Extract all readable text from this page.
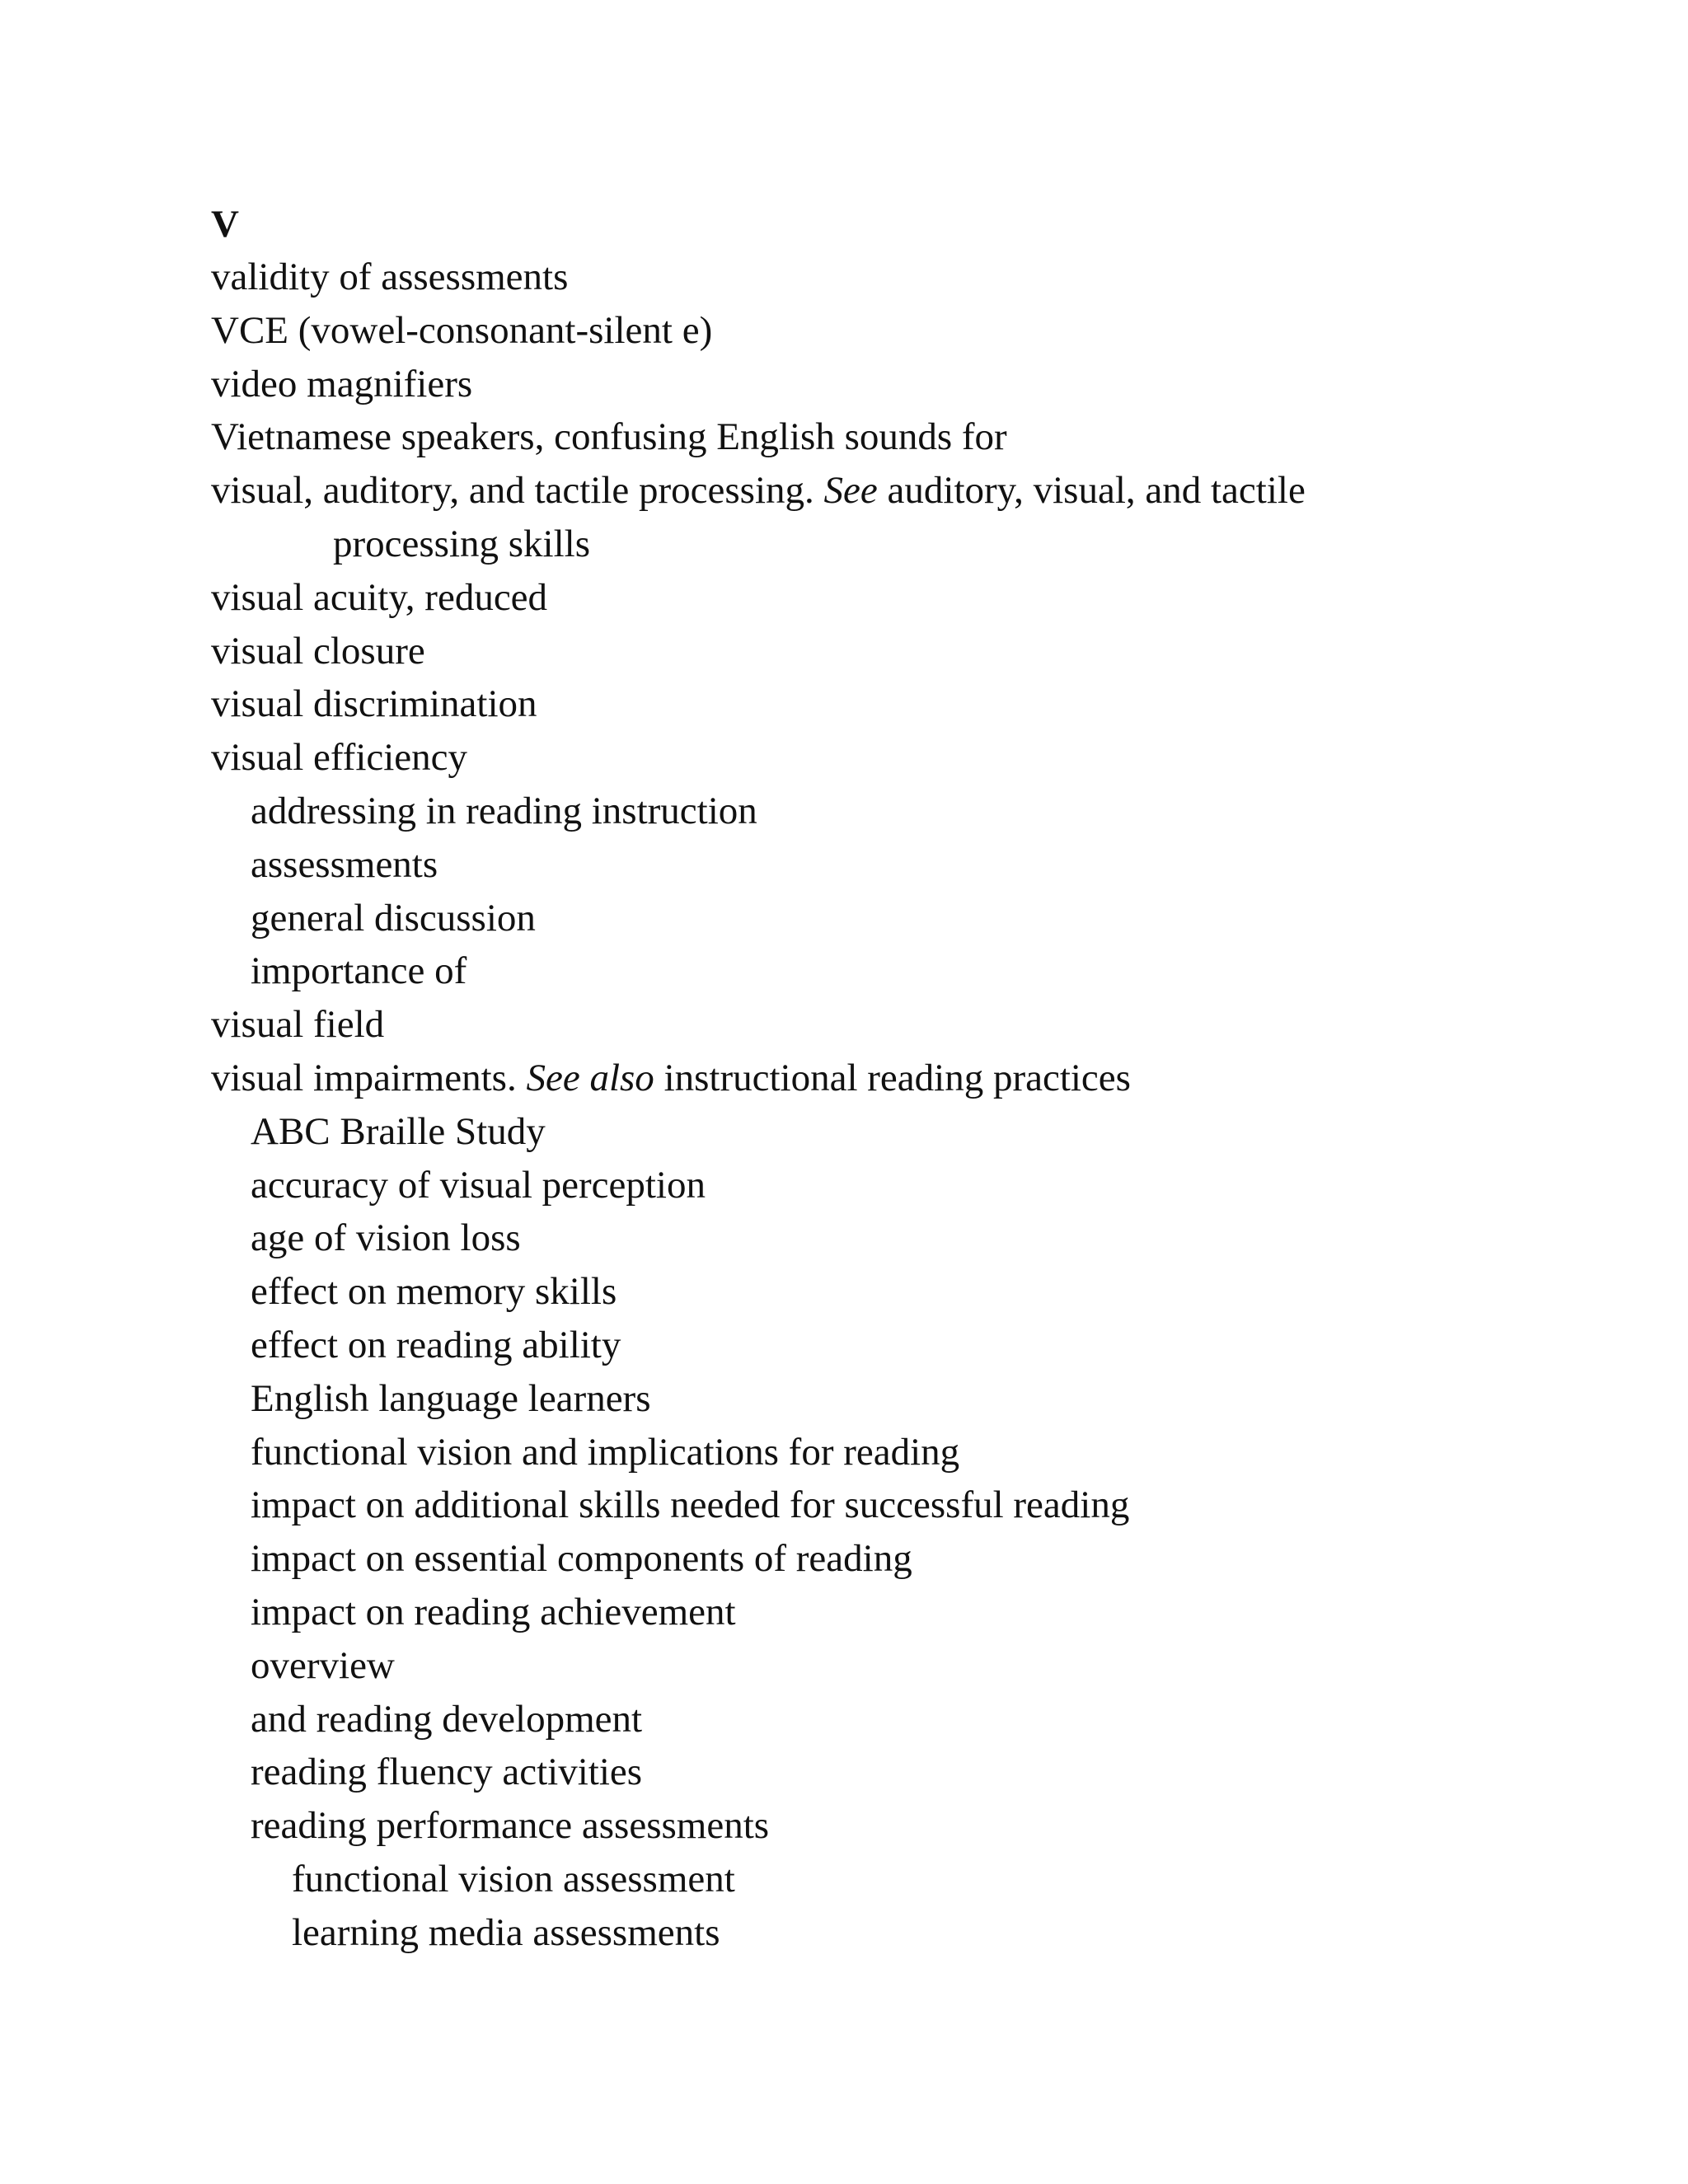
V
validity of assessments
VCE (vowel-consonant-silent e)
video magnifiers
Vietnamese speakers, confusing English sounds for
visual, auditory, and tactile processing. See auditory, visual, and tactile
processing skills
visual acuity, reduced
visual closure
visual discrimination
visual efficiency
addressing in reading instruction
assessments
general discussion
importance of
visual field
visual impairments. See also instructional reading practices
ABC Braille Study
accuracy of visual perception
age of vision loss
effect on memory skills
effect on reading ability
English language learners
functional vision and implications for reading
impact on additional skills needed for successful reading
impact on essential components of reading
impact on reading achievement
overview
and reading development
reading fluency activities
reading performance assessments
functional vision assessment
learning media assessments
